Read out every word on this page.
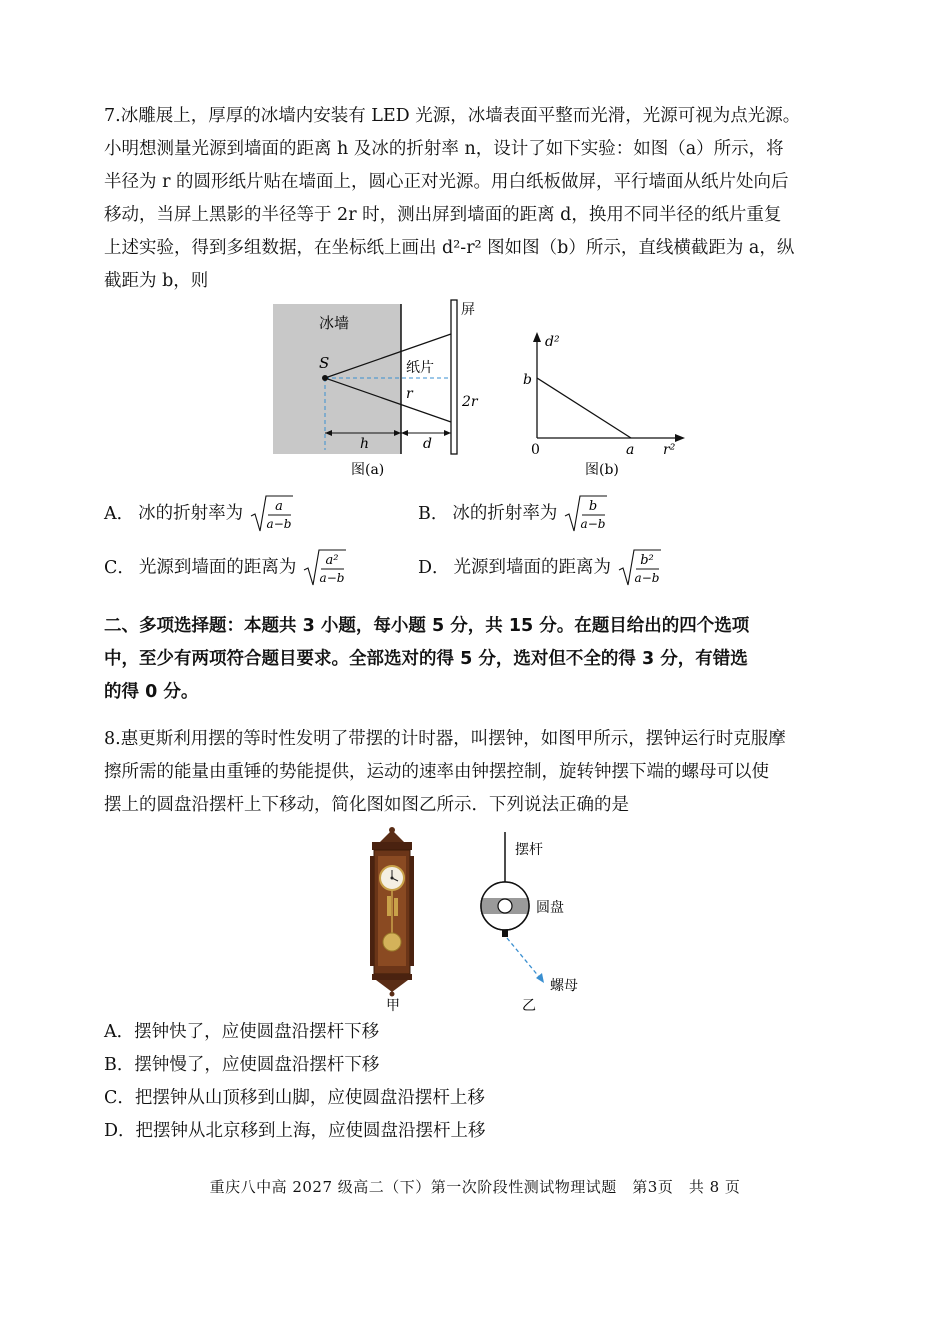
7.冰雕展上，厚厚的冰墙内安装有 LED 光源，冰墙表面平整而光滑，光源可视为点光源。
小明想测量光源到墙面的距离 h 及冰的折射率 n，设计了如下实验：如图（a）所示，将
半径为 r 的圆形纸片贴在墙面上，圆心正对光源。用白纸板做屏，平行墙面从纸片处向后
移动，当屏上黑影的半径等于 2r 时，测出屏到墙面的距离 d，换用不同半径的纸片重复
上述实验，得到多组数据，在坐标纸上画出 d²-r² 图如图（b）所示，直线横截距为 a，纵
截距为 b，则
冰墙
屏
S	纸片
r	2r
h	d
图(a)
d²
b
0	a r²
图(b)
A． 冰的折射率为 a
a−b
B． 冰的折射率为 b
a−b
C． 光源到墙面的距离为 a²
a−b
D． 光源到墙面的距离为 b²
a−b
二、多项选择题：本题共 3 小题，每小题 5 分，共 15 分。在题目给出的四个选项
中，至少有两项符合题目要求。全部选对的得 5 分，选对但不全的得 3 分，有错选
的得 0 分。
8.惠更斯利用摆的等时性发明了带摆的计时器，叫摆钟，如图甲所示，摆钟运行时克服摩
擦所需的能量由重锤的势能提供，运动的速率由钟摆控制，旋转钟摆下端的螺母可以使
摆上的圆盘沿摆杆上下移动，简化图如图乙所示．下列说法正确的是
甲
摆杆
圆盘
螺母
乙
A．摆钟快了，应使圆盘沿摆杆下移
B．摆钟慢了，应使圆盘沿摆杆下移
C．把摆钟从山顶移到山脚，应使圆盘沿摆杆上移
D．把摆钟从北京移到上海，应使圆盘沿摆杆上移
重庆八中高 2027 级高二（下）第一次阶段性测试物理试题　第3页　共 8 页
